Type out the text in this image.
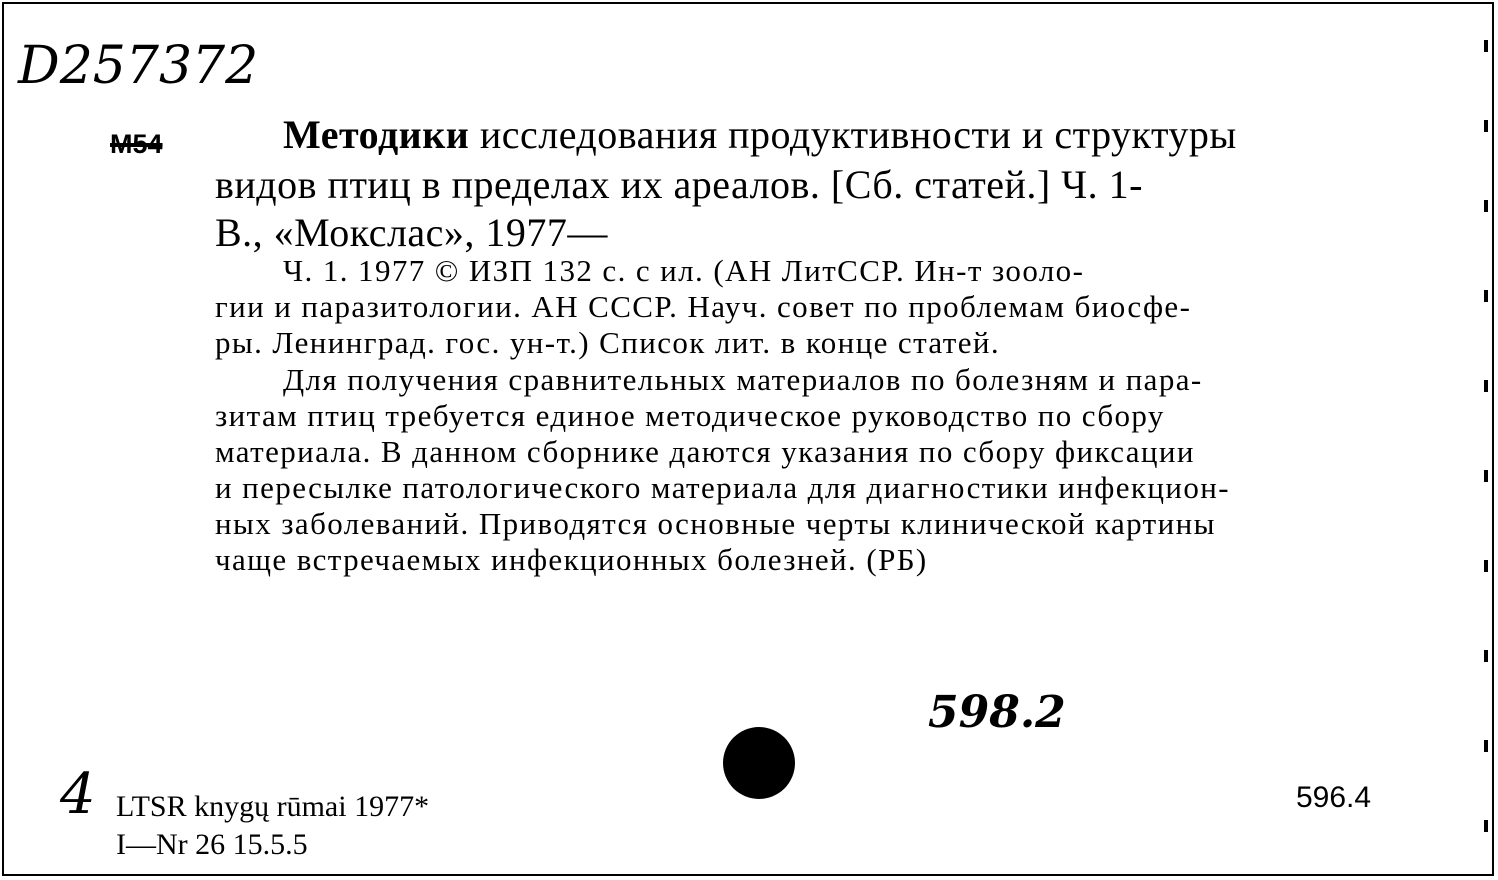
D257372
M54	Методики исследования продуктивности и структуры
видов птиц в пределах их ареалов. [Сб. статей.] Ч. 1-
В., «Мокслас», 1977—
Ч. 1. 1977 © ИЗП 132 с. с ил. (АН ЛитССР. Ин-т зооло-
гии и паразитологии. АН СССР. Науч. совет по проблемам биосфе-
ры. Ленинград. гос. ун-т.) Список лит. в конце статей.
Для получения сравнительных материалов по болезням и пара-
зитам птиц требуется единое методическое руководство по сбору
материала. В данном сборнике даются указания по сбору фиксации
и пересылке патологического материала для диагностики инфекцион-
ных заболеваний. Приводятся основные черты клинической картины
чаще встречаемых инфекционных болезней. (РБ)
598.2
596.4
4 LTSR knygų rūmai 1977*
I—Nr 26 15.5.5
